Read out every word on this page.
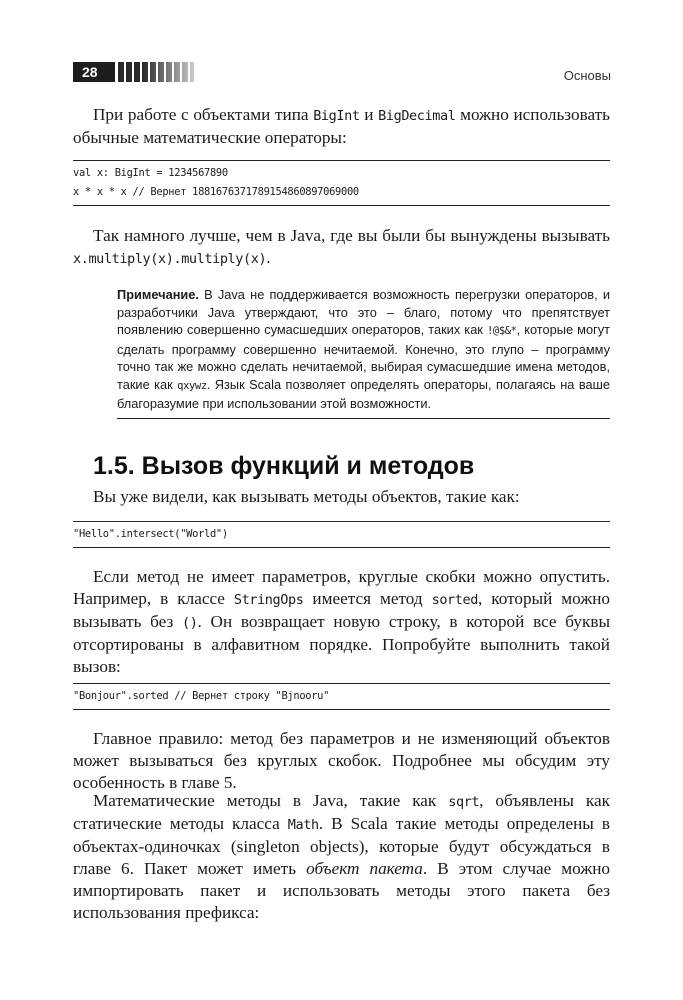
28	Основы

При работе с объектами типа BigInt и BigDecimal можно использовать обычные математические операторы:

val x: BigInt = 1234567890
x * x * x // Вернет 1881676371789154860897069000

Так намного лучше, чем в Java, где вы были бы вынуждены вызывать x.multiply(x).multiply(x).

Примечание. В Java не поддерживается возможность перегрузки операторов, и разработчики Java утверждают, что это – благо, потому что препятствует появлению совершенно сумасшедших операторов, таких как !@$&*, которые могут сделать программу совершенно нечитаемой. Конечно, это глупо – программу точно так же можно сделать нечитаемой, выбирая сумасшедшие имена методов, такие как qxywz. Язык Scala позволяет определять операторы, полагаясь на ваше благоразумие при использовании этой возможности.

1.5. Вызов функций и методов

Вы уже видели, как вызывать методы объектов, такие как:

"Hello".intersect("World")

Если метод не имеет параметров, круглые скобки можно опустить. Например, в классе StringOps имеется метод sorted, который можно вызывать без (). Он возвращает новую строку, в которой все буквы отсортированы в алфавитном порядке. Попробуйте выполнить такой вызов:

"Bonjour".sorted // Вернет строку "Bjnooru"

Главное правило: метод без параметров и не изменяющий объектов может вызываться без круглых скобок. Подробнее мы обсудим эту особенность в главе 5.

Математические методы в Java, такие как sqrt, объявлены как статические методы класса Math. В Scala такие методы определены в объектах-одиночках (singleton objects), которые будут обсуждаться в главе 6. Пакет может иметь объект пакета. В этом случае можно импортировать пакет и использовать методы этого пакета без использования префикса:
